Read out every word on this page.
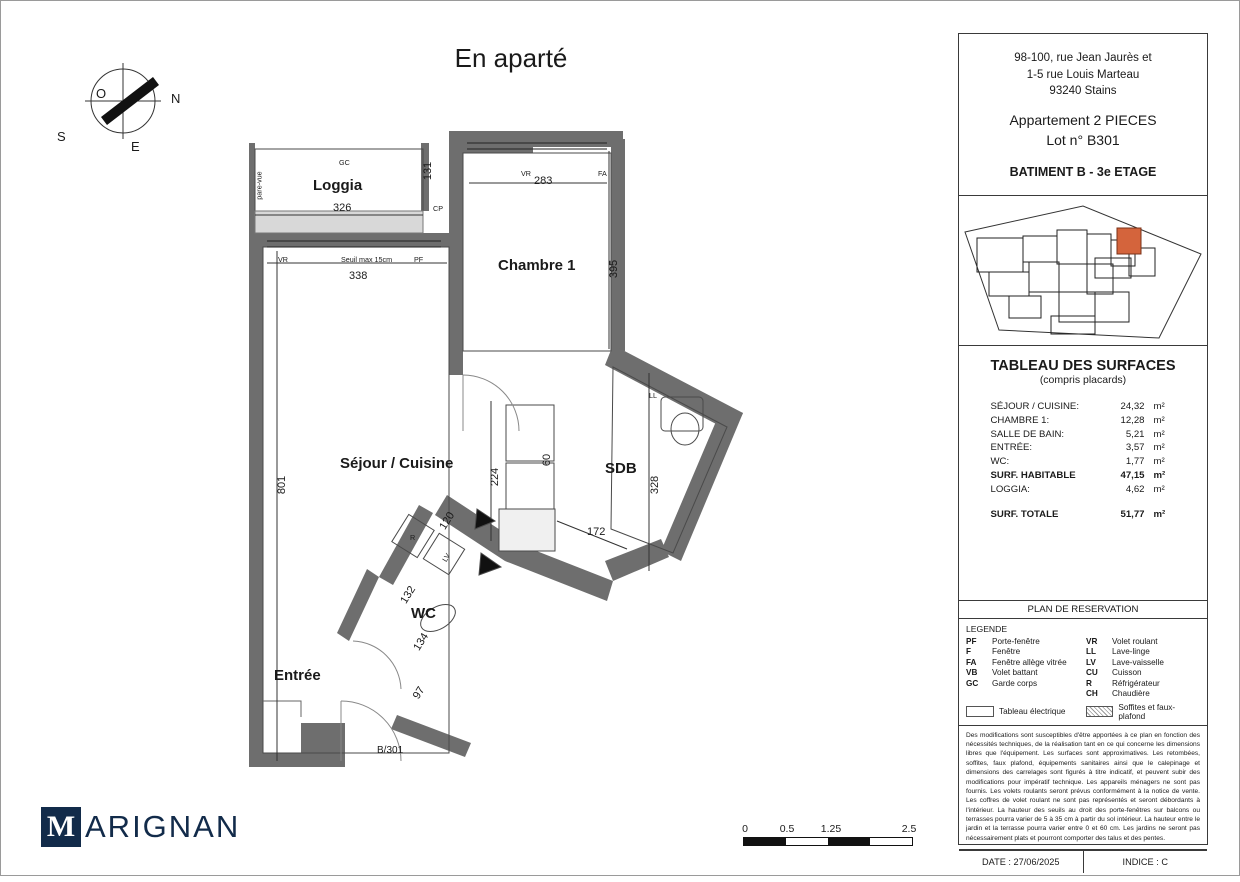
En aparté
O	N
S
E
Loggia
Chambre 1
Séjour / Cuisine	SDB
WC
Entrée
326
338
283
131
395
801	224
60
328
172
120
132
134
97
GC
pare-vue
CP
VR	Seuil max 15cm	PF
VR	FA
LL
R
LV
B/301
98-100, rue Jean Jaurès et
1-5 rue Louis Marteau
93240 Stains
Appartement 2 PIECES
Lot n° B301
BATIMENT B - 3e ETAGE
TABLEAU DES SURFACES
(compris placards)
SÉJOUR / CUISINE:	24,32	m²
CHAMBRE 1:	12,28	m²
SALLE DE BAIN:	5,21	m²
ENTRÉE:	3,57	m²
WC:	1,77	m²
SURF. HABITABLE	47,15	m²
LOGGIA:	4,62	m²

SURF. TOTALE	51,77	m²
PLAN DE RESERVATION
LEGENDE
PF	Porte-fenêtre
F	Fenêtre
FA	Fenêtre allège vitrée
VB	Volet battant
GC	Garde corps
VR	Volet roulant
LL	Lave-linge
LV	Lave-vaisselle
CU	Cuisson
R	Réfrigérateur
CH	Chaudière
Tableau électrique	Soffites et faux-plafond
Des modifications sont susceptibles d'être apportées à ce plan en fonction des nécessités techniques, de la réalisation tant en ce qui concerne les dimensions libres que l'équipement. Les surfaces sont approximatives. Les retombées, soffites, faux plafond, équipements sanitaires ainsi que le calepinage et dimensions des carrelages sont figurés à titre indicatif, et peuvent subir des modifications pour impératif technique. Les appareils ménagers ne sont pas fournis. Les volets roulants seront prévus conformément à la notice de vente. Les coffres de volet roulant ne sont pas représentés et seront débordants à l'intérieur. La hauteur des seuils au droit des porte-fenêtres sur balcons ou terrasses pourra varier de 5 à 35 cm à partir du sol intérieur. La hauteur entre le jardin et la terrasse pourra varier entre 0 et 60 cm. Les jardins ne seront pas nécessairement plats et pourront comporter des talus et des pentes.
DATE : 27/06/2025	INDICE : C
M ARIGNAN	0	0.5	1.25	2.5
